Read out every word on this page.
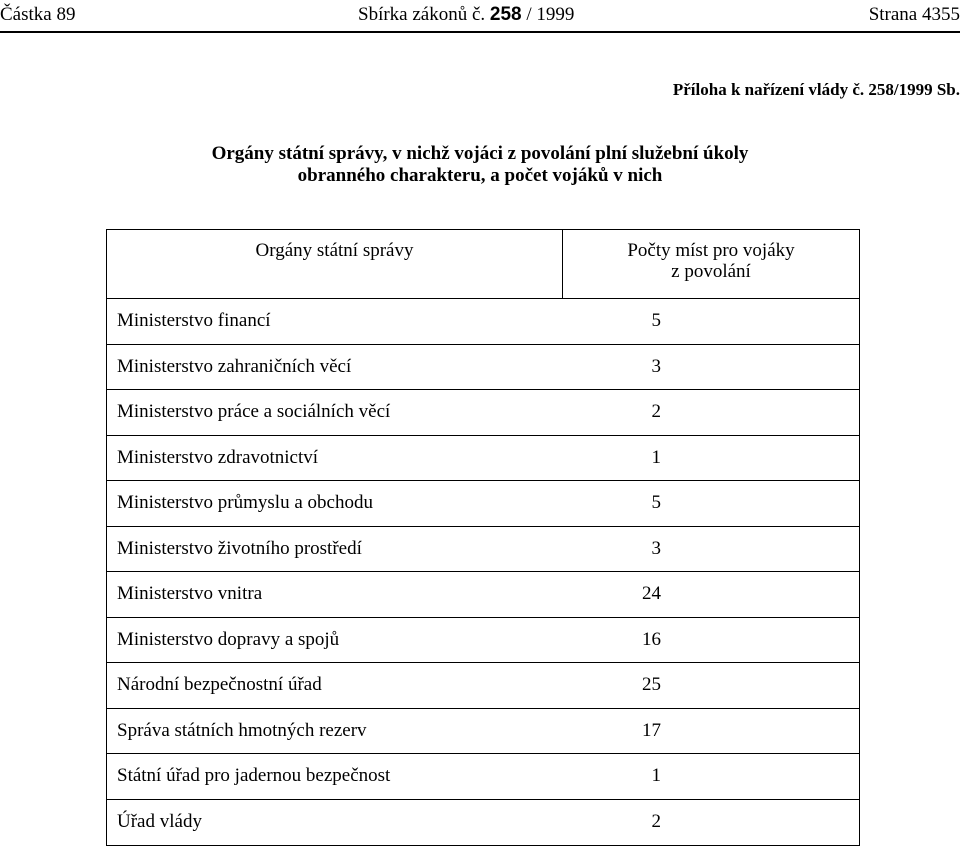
Částka 89	Sbírka zákonů č. 258 / 1999	Strana 4355
Příloha k nařízení vlády č. 258/1999 Sb.
Orgány státní správy, v nichž vojáci z povolání plní služební úkoly
obranného charakteru, a počet vojáků v nich
Orgány státní správy	Počty míst pro vojáky
z povolání
Ministerstvo financí	5
Ministerstvo zahraničních věcí	3
Ministerstvo práce a sociálních věcí	2
Ministerstvo zdravotnictví	1
Ministerstvo průmyslu a obchodu	5
Ministerstvo životního prostředí	3
Ministerstvo vnitra	24
Ministerstvo dopravy a spojů	16
Národní bezpečnostní úřad	25
Správa státních hmotných rezerv	17
Státní úřad pro jadernou bezpečnost	1
Úřad vlády	2
